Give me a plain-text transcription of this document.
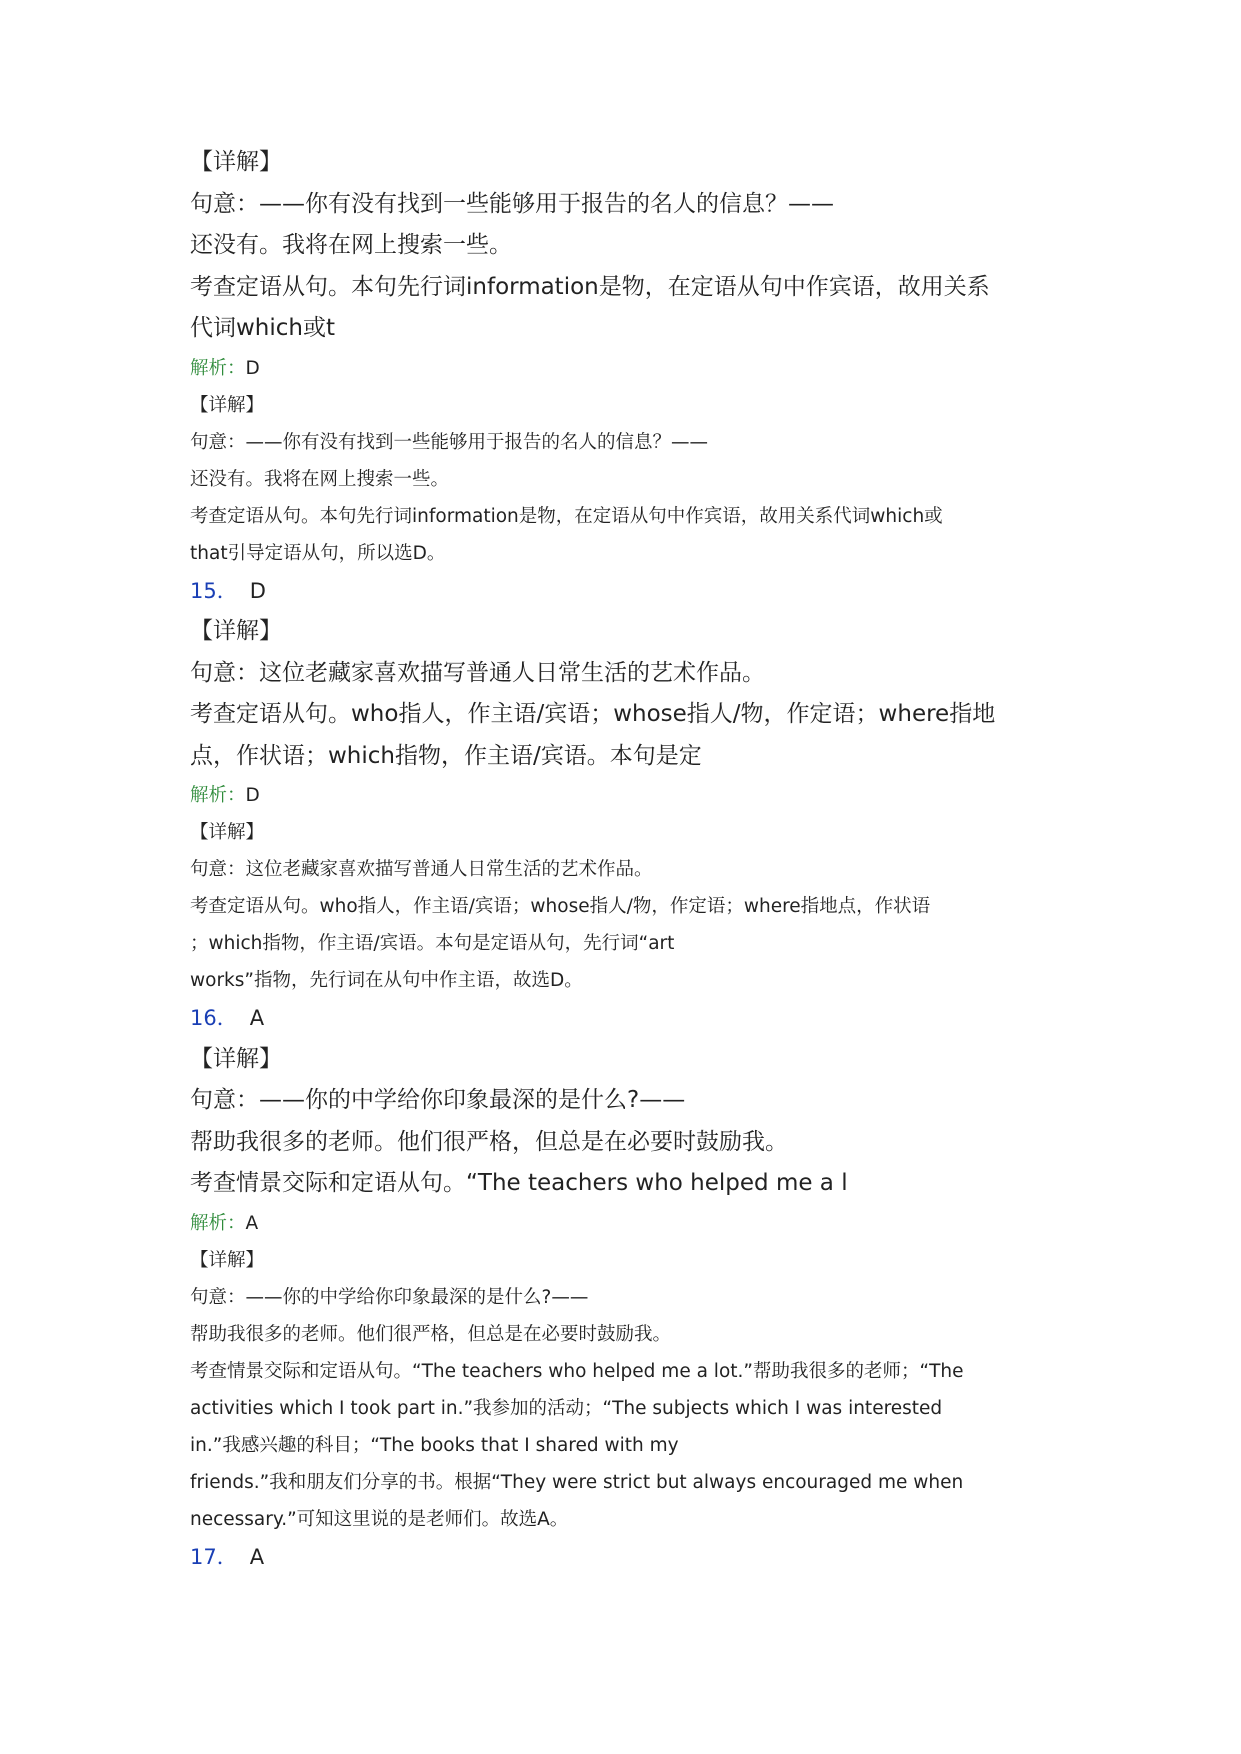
【详解】
句意：——你有没有找到一些能够用于报告的名人的信息？——
还没有。我将在网上搜索一些。
考查定语从句。本句先行词information是物，在定语从句中作宾语，故用关系
代词which或t
解析：D
【详解】
句意：——你有没有找到一些能够用于报告的名人的信息？——
还没有。我将在网上搜索一些。
考查定语从句。本句先行词information是物，在定语从句中作宾语，故用关系代词which或
that引导定语从句，所以选D。
15． D
【详解】
句意：这位老藏家喜欢描写普通人日常生活的艺术作品。
考查定语从句。who指人，作主语/宾语；whose指人/物，作定语；where指地
点，作状语；which指物，作主语/宾语。本句是定
解析：D
【详解】
句意：这位老藏家喜欢描写普通人日常生活的艺术作品。
考查定语从句。who指人，作主语/宾语；whose指人/物，作定语；where指地点，作状语
；which指物，作主语/宾语。本句是定语从句，先行词“art
works”指物，先行词在从句中作主语，故选D。
16． A
【详解】
句意：——你的中学给你印象最深的是什么?——
帮助我很多的老师。他们很严格，但总是在必要时鼓励我。
考查情景交际和定语从句。“The teachers who helped me a l
解析：A
【详解】
句意：——你的中学给你印象最深的是什么?——
帮助我很多的老师。他们很严格，但总是在必要时鼓励我。
考查情景交际和定语从句。“The teachers who helped me a lot.”帮助我很多的老师；“The
activities which I took part in.”我参加的活动；“The subjects which I was interested
in.”我感兴趣的科目；“The books that I shared with my
friends.”我和朋友们分享的书。根据“They were strict but always encouraged me when
necessary.”可知这里说的是老师们。故选A。
17． A
